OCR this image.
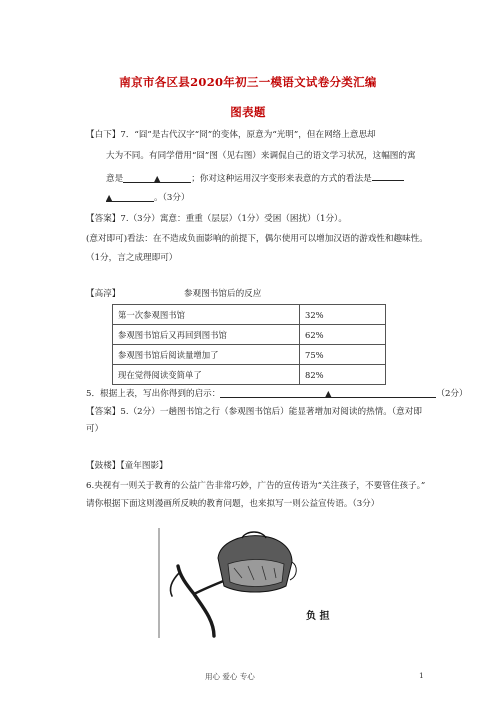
南京市各区县2020年初三一模语文试卷分类汇编
图表题
【白下】7．“囧”是古代汉字“冏”的变体，原意为“光明”，但在网络上意思却
大为不同。有同学借用“囧”图（见右图）来调侃自己的语文学习状况，这幅图的寓
意是	▲	；你对这种运用汉字变形来表意的方式的看法是
▲	。（3分）
【答案】7.（3分）寓意：重重（层层）（1分）受困（困扰）（1分）。
(意对即可)看法：在不造成负面影响的前提下，偶尔使用可以增加汉语的游戏性和趣味性。
（1分，言之成理即可）
【高淳】	参观图书馆后的反应
第一次参观图书馆	32%
参观图书馆后又再回到图书馆	62%
参观图书馆后阅读量增加了	75%
现在觉得阅读变简单了	82%
5．根据上表，写出你得到的启示：	▲	（2分）
【答案】5.（2分）一趟图书馆之行（参观图书馆后）能显著增加对阅读的热情。（意对即
可）
【鼓楼】【童年图影】
6.央视有一则关于教育的公益广告非常巧妙，广告的宣传语为“关注孩子，不要管住孩子。”
请你根据下面这则漫画所反映的教育问题，也来拟写一则公益宣传语。（3分）
负 担
用心 爱心 专心	1
